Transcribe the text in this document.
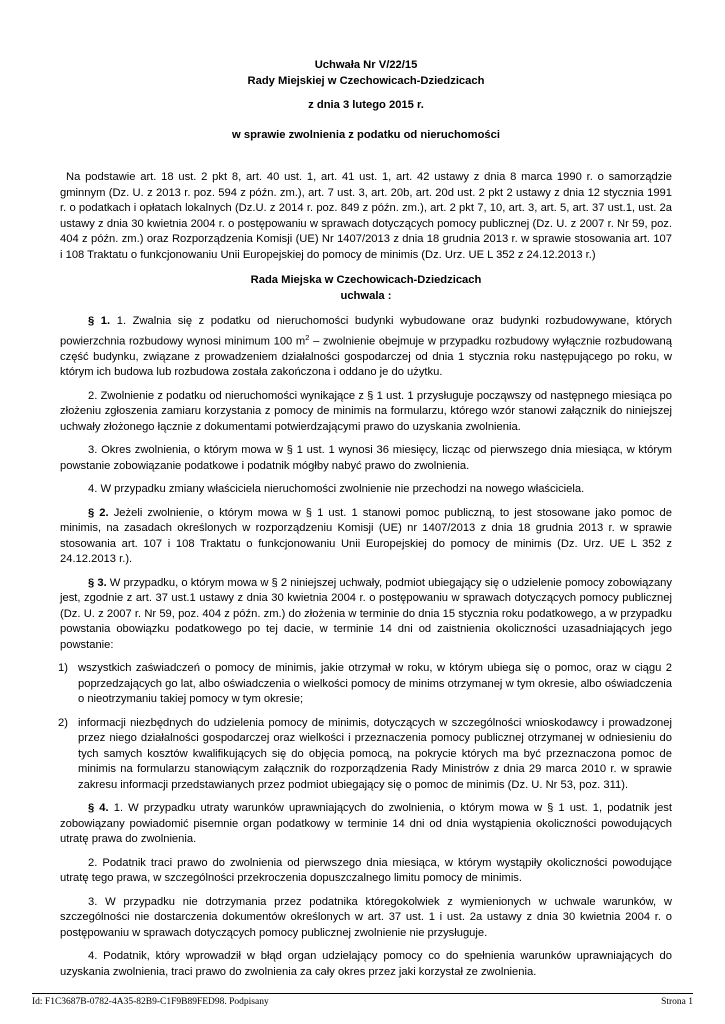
Uchwała Nr V/22/15
Rady Miejskiej w Czechowicach-Dziedzicach
z dnia 3 lutego 2015 r.
w sprawie zwolnienia z podatku od nieruchomości

Na podstawie art. 18 ust. 2 pkt 8, art. 40 ust. 1, art. 41 ust. 1, art. 42 ustawy z dnia 8 marca 1990 r. o samorządzie gminnym (Dz. U. z 2013 r. poz. 594 z późn. zm.), art. 7 ust. 3, art. 20b, art. 20d ust. 2 pkt 2 ustawy z dnia 12 stycznia 1991 r. o podatkach i opłatach lokalnych (Dz.U. z 2014 r. poz. 849 z późn. zm.), art. 2 pkt 7, 10, art. 3, art. 5, art. 37 ust.1, ust. 2a ustawy z dnia 30 kwietnia 2004 r. o postępowaniu w sprawach dotyczących pomocy publicznej (Dz. U. z 2007 r. Nr 59, poz. 404 z późn. zm.) oraz Rozporządzenia Komisji (UE) Nr 1407/2013 z dnia 18 grudnia 2013 r. w sprawie stosowania art. 107 i 108 Traktatu o funkcjonowaniu Unii Europejskiej do pomocy de minimis (Dz. Urz. UE L 352 z 24.12.2013 r.)

Rada Miejska w Czechowicach-Dziedzicach
uchwala :

§ 1. 1. Zwalnia się z podatku od nieruchomości budynki wybudowane oraz budynki rozbudowywane, których powierzchnia rozbudowy wynosi minimum 100 $m^2$ – zwolnienie obejmuje w przypadku rozbudowy wyłącznie rozbudowaną część budynku, związane z prowadzeniem działalności gospodarczej od dnia 1 stycznia roku następującego po roku, w którym ich budowa lub rozbudowa została zakończona i oddano je do użytku.

2. Zwolnienie z podatku od nieruchomości wynikające z § 1 ust. 1 przysługuje począwszy od następnego miesiąca po złożeniu zgłoszenia zamiaru korzystania z pomocy de minimis na formularzu, którego wzór stanowi załącznik do niniejszej uchwały złożonego łącznie z dokumentami potwierdzającymi prawo do uzyskania zwolnienia.

3. Okres zwolnienia, o którym mowa w § 1 ust. 1 wynosi 36 miesięcy, licząc od pierwszego dnia miesiąca, w którym powstanie zobowiązanie podatkowe i podatnik mógłby nabyć prawo do zwolnienia.

4. W przypadku zmiany właściciela nieruchomości zwolnienie nie przechodzi na nowego właściciela.

§ 2. Jeżeli zwolnienie, o którym mowa w § 1 ust. 1 stanowi pomoc publiczną, to jest stosowane jako pomoc de minimis, na zasadach określonych w rozporządzeniu Komisji (UE) nr 1407/2013 z dnia 18 grudnia 2013 r. w sprawie stosowania art. 107 i 108 Traktatu o funkcjonowaniu Unii Europejskiej do pomocy de minimis (Dz. Urz. UE L 352 z 24.12.2013 r.).

§ 3. W przypadku, o którym mowa w § 2 niniejszej uchwały, podmiot ubiegający się o udzielenie pomocy zobowiązany jest, zgodnie z art. 37 ust.1 ustawy z dnia 30 kwietnia 2004 r. o postępowaniu w sprawach dotyczących pomocy publicznej (Dz. U. z 2007 r. Nr 59, poz. 404 z późn. zm.) do złożenia w terminie do dnia 15 stycznia roku podatkowego, a w przypadku powstania obowiązku podatkowego po tej dacie, w terminie 14 dni od zaistnienia okoliczności uzasadniających jego powstanie:

1) wszystkich zaświadczeń o pomocy de minimis, jakie otrzymał w roku, w którym ubiega się o pomoc, oraz w ciągu 2 poprzedzających go lat, albo oświadczenia o wielkości pomocy de minims otrzymanej w tym okresie, albo oświadczenia o nieotrzymaniu takiej pomocy w tym okresie;
2) informacji niezbędnych do udzielenia pomocy de minimis, dotyczących w szczególności wnioskodawcy i prowadzonej przez niego działalności gospodarczej oraz wielkości i przeznaczenia pomocy publicznej otrzymanej w odniesieniu do tych samych kosztów kwalifikujących się do objęcia pomocą, na pokrycie których ma być przeznaczona pomoc de minimis na formularzu stanowiącym załącznik do rozporządzenia Rady Ministrów z dnia 29 marca 2010 r. w sprawie zakresu informacji przedstawianych przez podmiot ubiegający się o pomoc de minimis (Dz. U. Nr 53, poz. 311).

§ 4. 1. W przypadku utraty warunków uprawniających do zwolnienia, o którym mowa w § 1 ust. 1, podatnik jest zobowiązany powiadomić pisemnie organ podatkowy w terminie 14 dni od dnia wystąpienia okoliczności powodujących utratę prawa do zwolnienia.

2. Podatnik traci prawo do zwolnienia od pierwszego dnia miesiąca, w którym wystąpiły okoliczności powodujące utratę tego prawa, w szczególności przekroczenia dopuszczalnego limitu pomocy de minimis.

3. W przypadku nie dotrzymania przez podatnika któregokolwiek z wymienionych w uchwale warunków, w szczególności nie dostarczenia dokumentów określonych w art. 37 ust. 1 i ust. 2a ustawy z dnia 30 kwietnia 2004 r. o postępowaniu w sprawach dotyczących pomocy publicznej zwolnienie nie przysługuje.

4. Podatnik, który wprowadził w błąd organ udzielający pomocy co do spełnienia warunków uprawniających do uzyskania zwolnienia, traci prawo do zwolnienia za cały okres przez jaki korzystał ze zwolnienia.

Id: F1C3687B-0782-4A35-82B9-C1F9B89FED98. Podpisany	Strona 1
